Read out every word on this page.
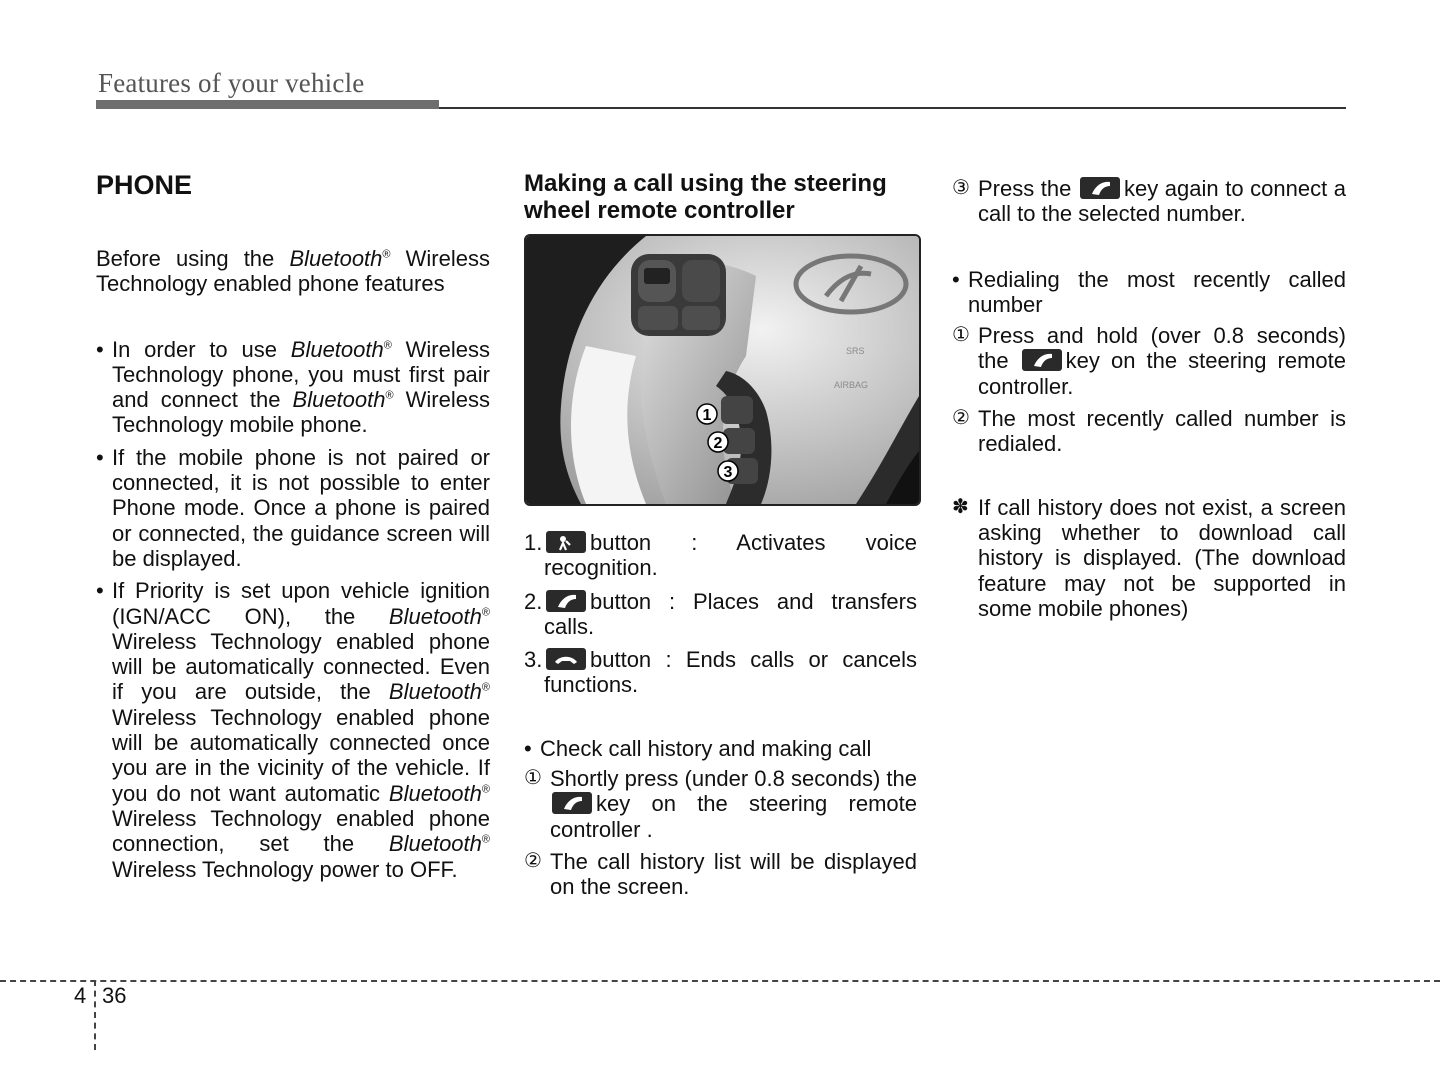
Features of your vehicle
PHONE

Before using the Bluetooth® Wireless Technology enabled phone features

• In order to use Bluetooth® Wireless Technology phone, you must first pair and connect the Bluetooth® Wireless Technology mobile phone.

• If the mobile phone is not paired or connected, it is not possible to enter Phone mode. Once a phone is paired or connected, the guidance screen will be displayed.

• If Priority is set upon vehicle ignition (IGN/ACC ON), the Bluetooth® Wireless Technology enabled phone will be automatically connected. Even if you are outside, the Bluetooth® Wireless Technology enabled phone will be automatically connected once you are in the vicinity of the vehicle. If you do not want automatic Bluetooth® Wireless Technology enabled phone connection, set the Bluetooth® Wireless Technology power to OFF.

Making a call using the steering wheel remote controller
SRS
AIRBAG
1
2
3

1. button : Activates voice recognition.

2. button : Places and transfers calls.

3. button : Ends calls or cancels functions.

• Check call history and making call

① Shortly press (under 0.8 seconds) the
key on the steering remote controller .

② The call history list will be displayed on the screen.

③ Press the key again to connect a call to the selected number.

• Redialing the most recently called number

① Press and hold (over 0.8 seconds) the	key on the steering remote controller.

② The most recently called number is redialed.

✽ If call history does not exist, a screen asking whether to download call history is displayed. (The download feature may not be supported in some mobile phones)

4 36
